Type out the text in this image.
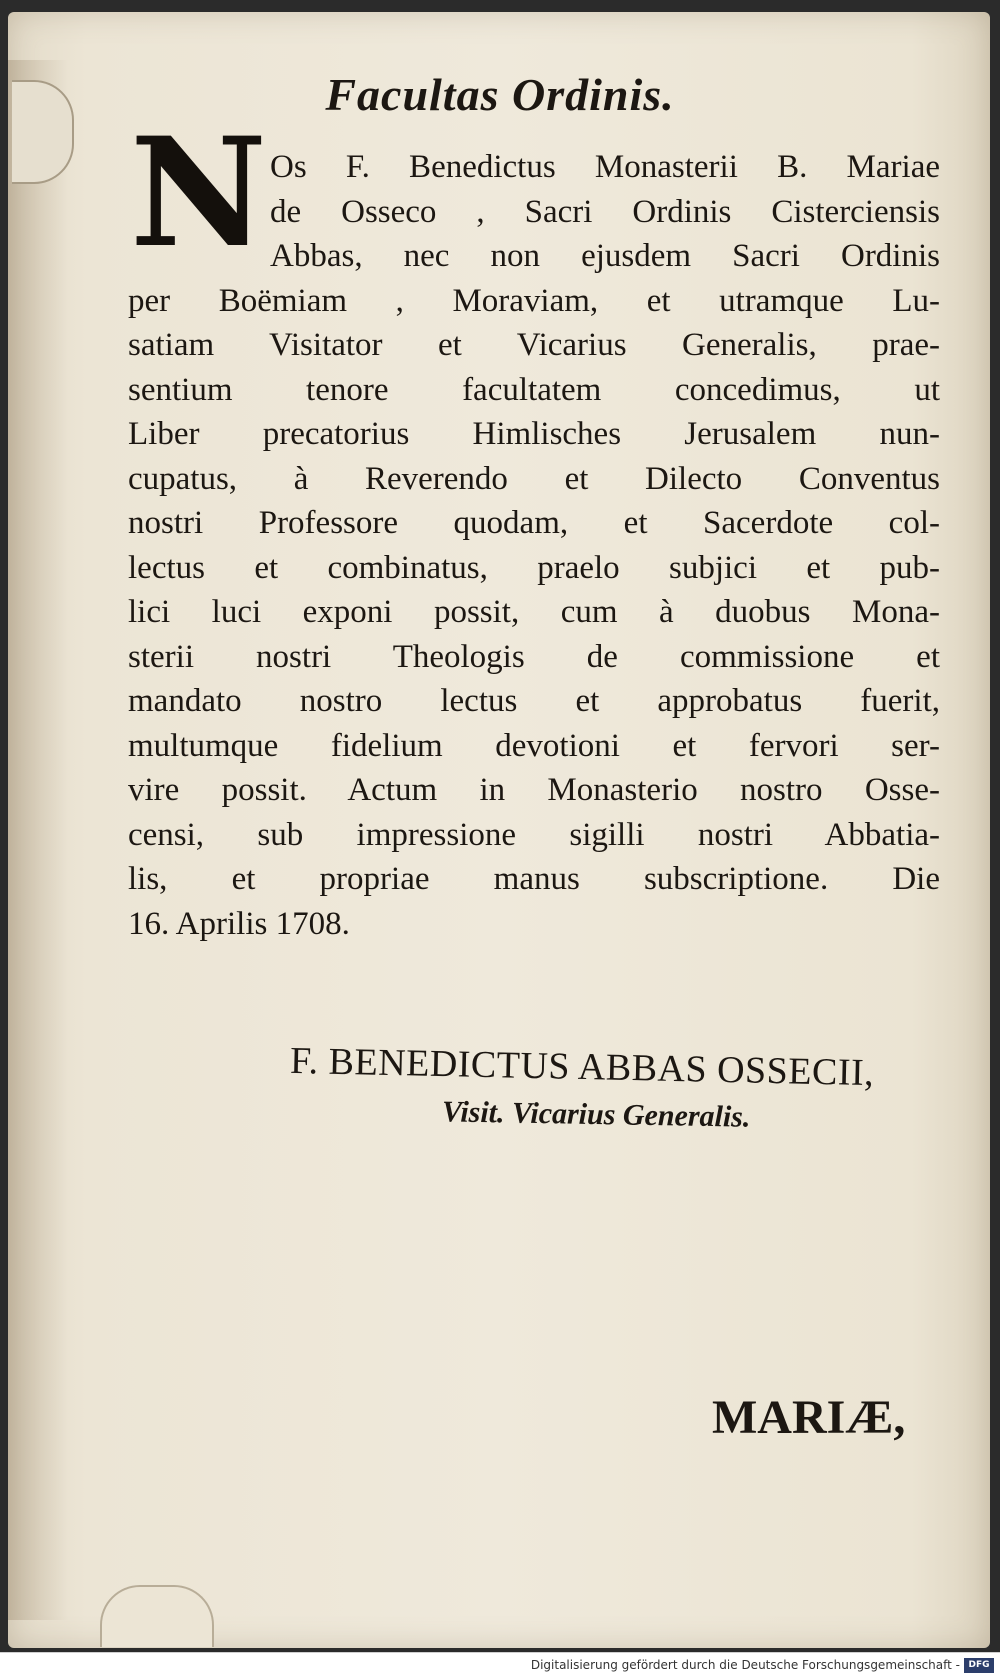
Facultas Ordinis.
N Os F. Benedictus Monasterii B. Mariae
de Osseco , Sacri Ordinis Cisterciensis
Abbas, nec non ejusdem Sacri Ordinis
per Boëmiam , Moraviam, et utramque Lu-
satiam Visitator et Vicarius Generalis, prae-
sentium tenore facultatem concedimus, ut
Liber precatorius Himlisches Jerusalem nun-
cupatus, à Reverendo et Dilecto Conventus
nostri Professore quodam, et Sacerdote col-
lectus et combinatus, praelo subjici et pub-
lici luci exponi possit, cum à duobus Mona-
sterii nostri Theologis de commissione et
mandato nostro lectus et approbatus fuerit,
multumque fidelium devotioni et fervori ser-
vire possit. Actum in Monasterio nostro Osse-
censi, sub impressione sigilli nostri Abbatia-
lis, et propriae manus subscriptione. Die
16. Aprilis 1708.
F. BENEDICTUS ABBAS OSSECII,
Visit. Vicarius Generalis.
MARIÆ,
Digitalisierung gefördert durch die Deutsche Forschungsgemeinschaft - DFG
